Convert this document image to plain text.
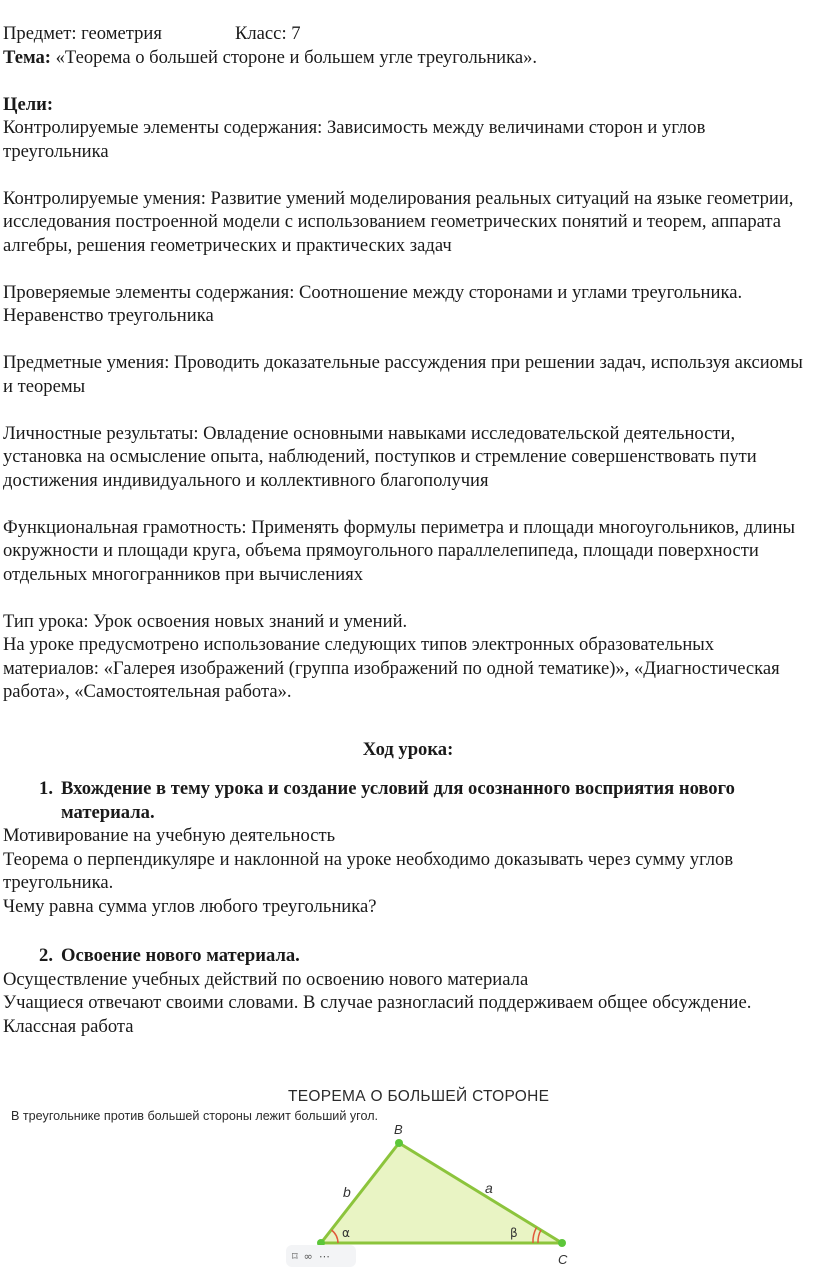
Предмет: геометрия	Класс: 7

Тема: «Теорема о большей стороне и большем угле треугольника».

Цели:

Контролируемые элементы содержания: Зависимость между величинами сторон и углов треугольника

Контролируемые умения: Развитие умений моделирования реальных ситуаций на языке геометрии, исследования построенной модели с использованием геометрических понятий и теорем, аппарата алгебры, решения геометрических и практических задач

Проверяемые элементы содержания: Соотношение между сторонами и углами треугольника. Неравенство треугольника

Предметные умения: Проводить доказательные рассуждения при решении задач, используя аксиомы и теоремы

Личностные результаты: Овладение основными навыками исследовательской деятельности, установка на осмысление опыта, наблюдений, поступков и стремление совершенствовать пути достижения индивидуального и коллективного благополучия

Функциональная грамотность: Применять формулы периметра и площади многоугольников, длины окружности и площади круга, объема прямоугольного параллелепипеда, площади поверхности отдельных многогранников при вычислениях

Тип урока: Урок освоения новых знаний и умений.

На уроке предусмотрено использование следующих типов электронных образовательных материалов: «Галерея изображений (группа изображений по одной тематике)», «Диагностическая работа», «Самостоятельная работа».

Ход урока:

1. Вхождение в тему урока и создание условий для осознанного восприятия нового материала.

Мотивирование на учебную деятельность

Теорема о перпендикуляре и наклонной на уроке необходимо доказывать через сумму углов треугольника.

Чему равна сумма углов любого треугольника?

2. Освоение нового материала.

Осуществление учебных действий по освоению нового материала

Учащиеся отвечают своими словами. В случае разногласий поддерживаем общее обсуждение.

Классная работа

ТЕОРЕМА О БОЛЬШЕЙ СТОРОНЕ
В треугольнике против большей стороны лежит больший угол.
B
C
b	a
α	β
⌑ ∞ ⋯
